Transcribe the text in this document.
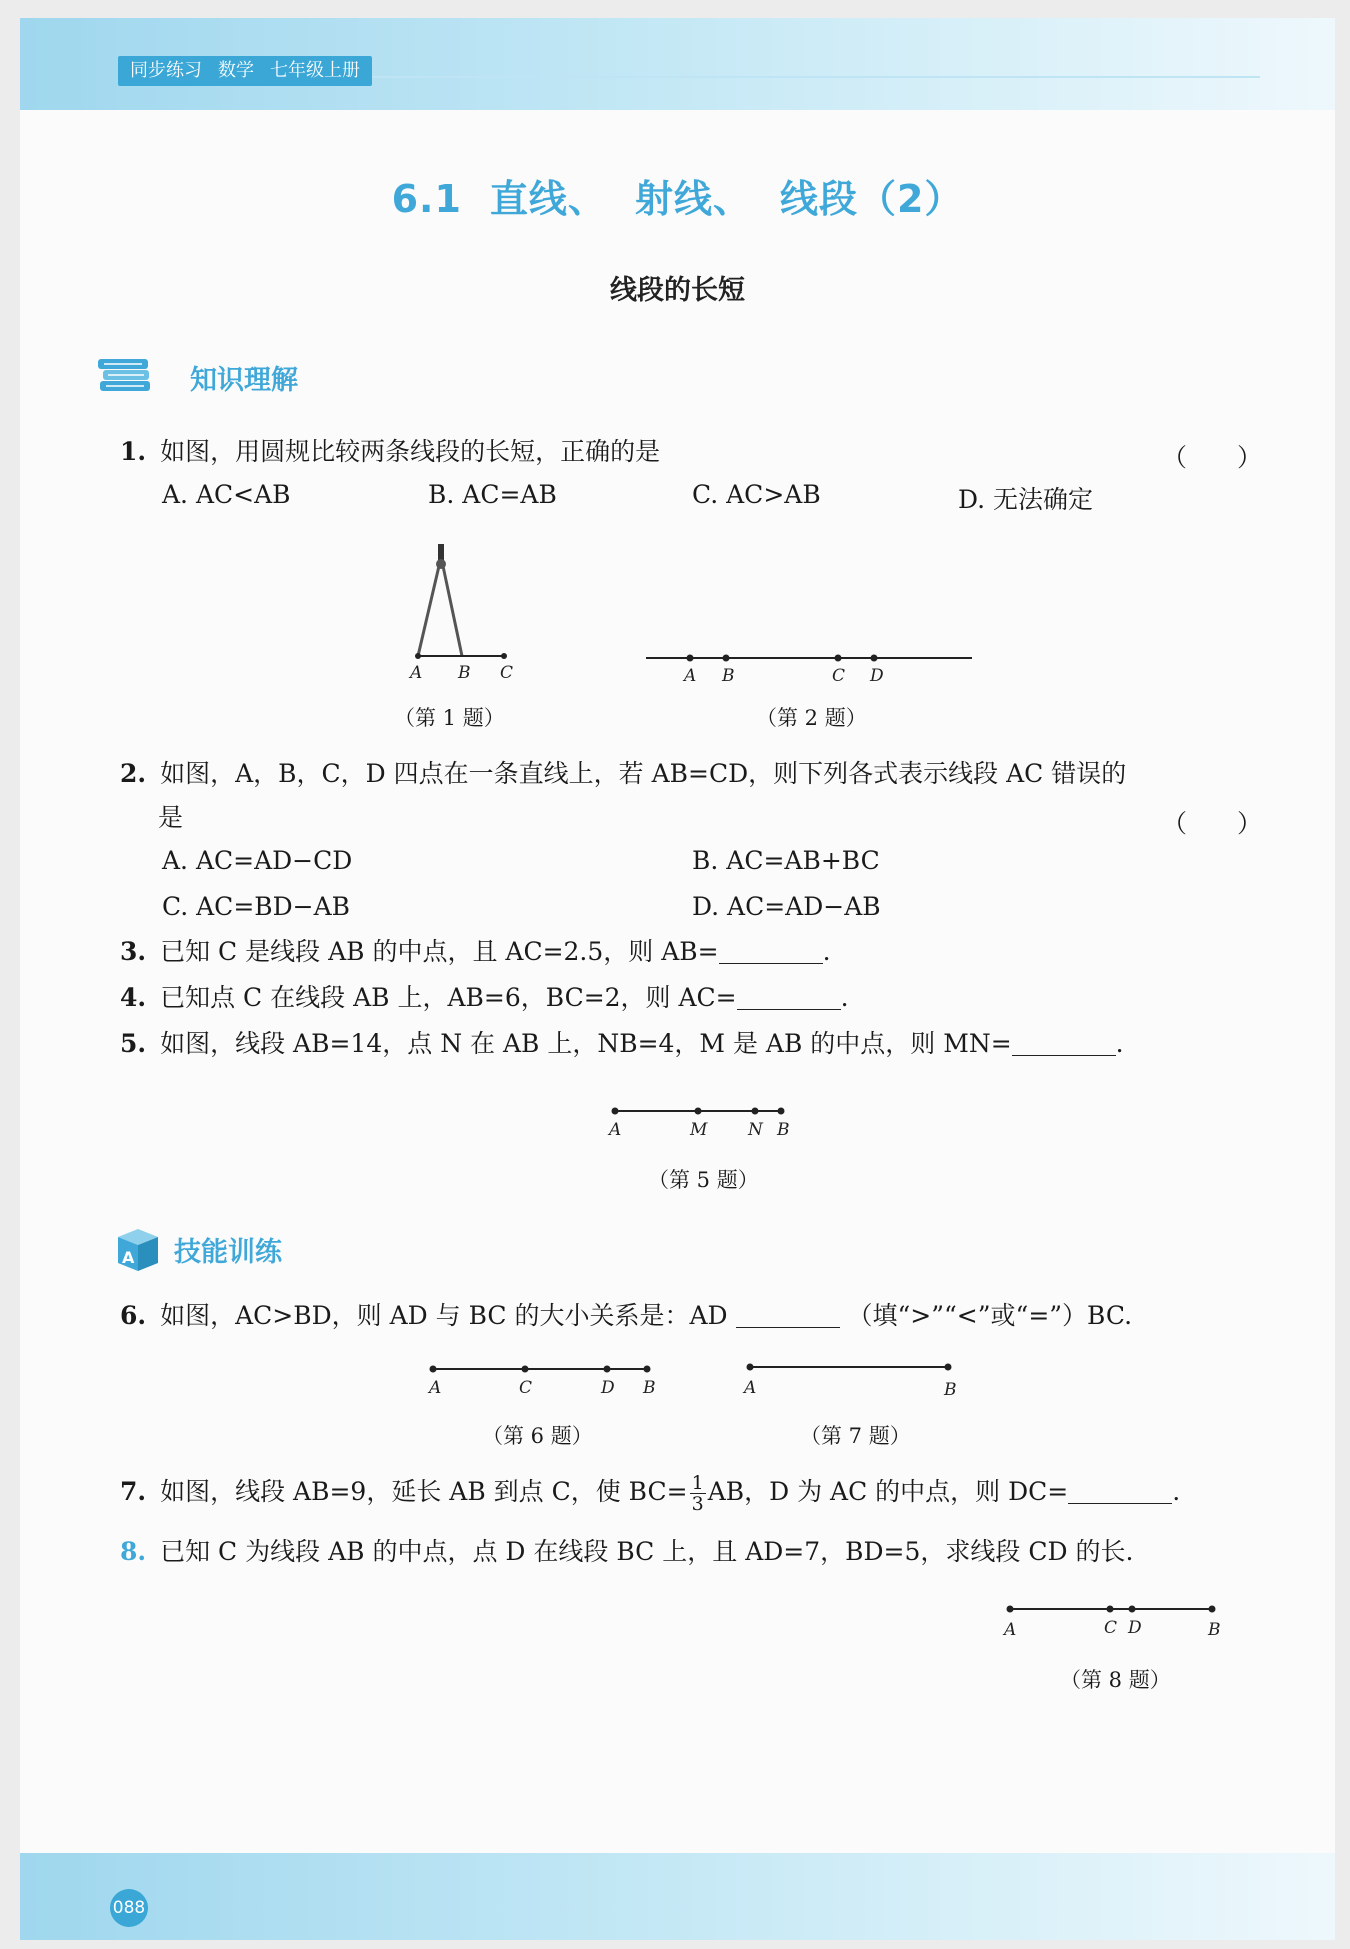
同步练习 数学 七年级上册
6.1 直线、 射线、 线段（2）
线段的长短
知识理解
1. 如图，用圆规比较两条线段的长短，正确的是	（　　）
A. AC<AB	B. AC=AB	C. AC>AB	D. 无法确定
A B C
（第 1 题）
A B	C D
（第 2 题）
2. 如图，A，B，C，D 四点在一条直线上，若 AB=CD，则下列各式表示线段 AC 错误的
是	（　　）
A. AC=AD−CD	B. AC=AB+BC
C. AC=BD−AB	D. AC=AD−AB
3. 已知 C 是线段 AB 的中点，且 AC=2.5，则 AB=	.
4. 已知点 C 在线段 AB 上，AB=6，BC=2，则 AC=	.
5. 如图，线段 AB=14，点 N 在 AB 上，NB=4，M 是 AB 的中点，则 MN=	.
A	M N B
（第 5 题）
A 技能训练
6. 如图，AC>BD，则 AD 与 BC 的大小关系是：AD	（填“>”“<”或“=”）BC.
A	C	D B
（第 6 题）
A	B
（第 7 题）
7. 如图，线段 AB=9，延长 AB 到点 C，使 $BC= \frac{1}{3}$ AB，D 为 AC 的中点，则 DC=	.
8. 已知 C 为线段 AB 的中点，点 D 在线段 BC 上，且 AD=7，BD=5，求线段 CD 的长.
A	C D	B
（第 8 题）
088
